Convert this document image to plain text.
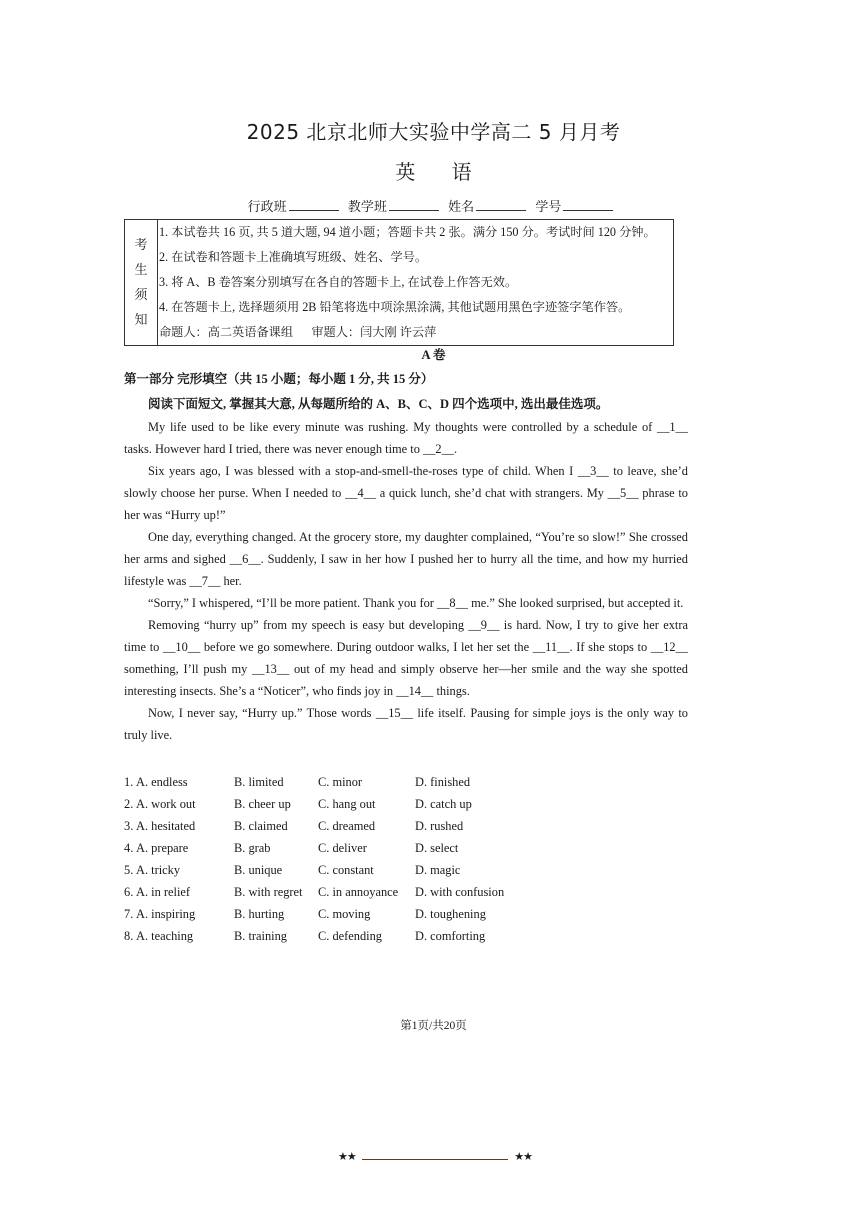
2025 北京北师大实验中学高二 5 月月考
英 语
行政班	教学班	姓名	学号
考
生
须
知
1. 本试卷共 16 页, 共 5 道大题, 94 道小题；答题卡共 2 张。满分 150 分。考试时间 120 分钟。
2. 在试卷和答题卡上准确填写班级、姓名、学号。
3. 将 A、B 卷答案分别填写在各自的答题卡上, 在试卷上作答无效。
4. 在答题卡上, 选择题须用 2B 铅笔将选中项涂黑涂满, 其他试题用黑色字迹签字笔作答。
命题人：高二英语备课组      审题人：闫大刚 许云萍
A 卷
第一部分 完形填空（共 15 小题；每小题 1 分, 共 15 分）
阅读下面短文, 掌握其大意, 从每题所给的 A、B、C、D 四个选项中, 选出最佳选项。

My life used to be like every minute was rushing. My thoughts were controlled by a schedule of __1__ tasks. However hard I tried, there was never enough time to __2__.

Six years ago, I was blessed with a stop-and-smell-the-roses type of child. When I __3__ to leave, she’d slowly choose her purse. When I needed to __4__ a quick lunch, she’d chat with strangers. My __5__ phrase to her was “Hurry up!”

One day, everything changed. At the grocery store, my daughter complained, “You’re so slow!” She crossed her arms and sighed __6__. Suddenly, I saw in her how I pushed her to hurry all the time, and how my hurried lifestyle was __7__ her.

“Sorry,” I whispered, “I’ll be more patient. Thank you for __8__ me.” She looked surprised, but accepted it.

Removing “hurry up” from my speech is easy but developing __9__ is hard. Now, I try to give her extra time to __10__ before we go somewhere. During outdoor walks, I let her set the __11__. If she stops to __12__ something, I’ll push my __13__ out of my head and simply observe her—her smile and the way she spotted interesting insects. She’s a “Noticer”, who finds joy in __14__ things.

Now, I never say, “Hurry up.” Those words __15__ life itself. Pausing for simple joys is the only way to truly live.

1. A. endless	B. limited	C. minor	D. finished
2. A. work out	B. cheer up C. hang out	D. catch up
3. A. hesitated	B. claimed C. dreamed	D. rushed
4. A. prepare	B. grab	C. deliver	D. select
5. A. tricky	B. unique	C. constant	D. magic
6. A. in relief	B. with regret C. in annoyance D. with confusion
7. A. inspiring	B. hurting	C. moving	D. toughening
8. A. teaching	B. training	C. defending	D. comforting
第1页/共20页
★★	★★
